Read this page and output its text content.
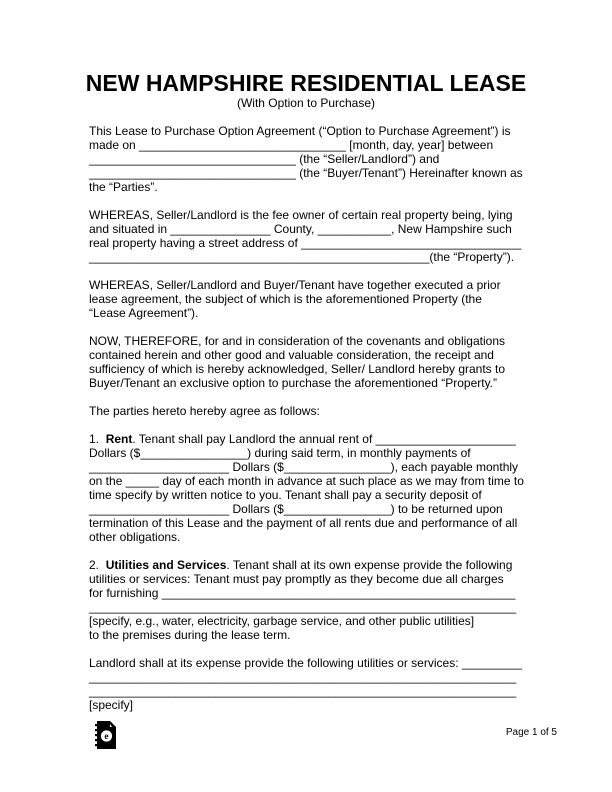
NEW HAMPSHIRE RESIDENTIAL LEASE
(With Option to Purchase)
This Lease to Purchase Option Agreement (“Option to Purchase Agreement”) is
made on _______________________________ [month, day, year] between
_______________________________ (the “Seller/Landlord”) and
_______________________________ (the “Buyer/Tenant”) Hereinafter known as
the “Parties”.
WHEREAS, Seller/Landlord is the fee owner of certain real property being, lying
and situated in _______________ County, ___________, New Hampshire such
real property having a street address of _________________________________
___________________________________________________(the “Property”).
WHEREAS, Seller/Landlord and Buyer/Tenant have together executed a prior
lease agreement, the subject of which is the aforementioned Property (the
“Lease Agreement”).
NOW, THEREFORE, for and in consideration of the covenants and obligations
contained herein and other good and valuable consideration, the receipt and
sufficiency of which is hereby acknowledged, Seller/ Landlord hereby grants to
Buyer/Tenant an exclusive option to purchase the aforementioned “Property.”
The parties hereto hereby agree as follows:
1.  Rent. Tenant shall pay Landlord the annual rent of _____________________
Dollars ($________________) during said term, in monthly payments of
_____________________ Dollars ($________________), each payable monthly
on the _____ day of each month in advance at such place as we may from time to
time specify by written notice to you. Tenant shall pay a security deposit of
_____________________ Dollars ($________________) to be returned upon
termination of this Lease and the payment of all rents due and performance of all
other obligations.
2.  Utilities and Services. Tenant shall at its own expense provide the following
utilities or services: Tenant must pay promptly as they become due all charges
for furnishing _____________________________________________________
________________________________________________________________
[specify, e.g., water, electricity, garbage service, and other public utilities]
to the premises during the lease term.
Landlord shall at its expense provide the following utilities or services: _________
________________________________________________________________
________________________________________________________________
[specify]
e	Page 1 of 5
